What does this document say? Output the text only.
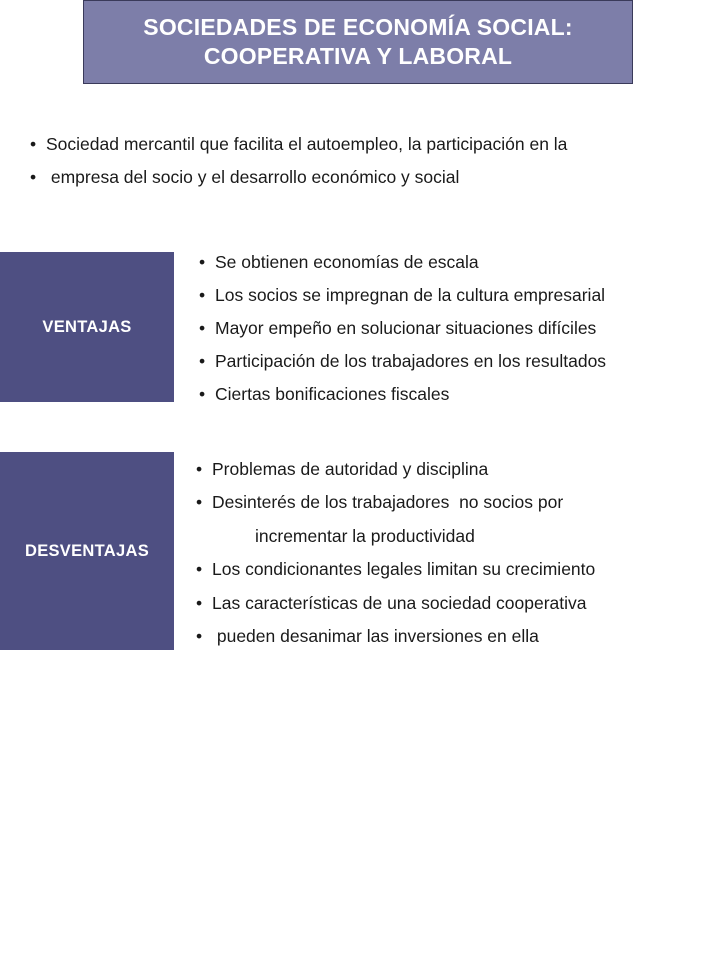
SOCIEDADES DE ECONOMÍA SOCIAL:
COOPERATIVA Y LABORAL
• Sociedad mercantil que facilita el autoempleo, la participación en la
• empresa del socio y el desarrollo económico y social
VENTAJAS
• Se obtienen economías de escala
• Los socios se impregnan de la cultura empresarial
• Mayor empeño en solucionar situaciones difíciles
• Participación de los trabajadores en los resultados
• Ciertas bonificaciones fiscales
DESVENTAJAS
• Problemas de autoridad y disciplina
• Desinterés de los trabajadores  no socios por
incrementar la productividad
• Los condicionantes legales limitan su crecimiento
• Las características de una sociedad cooperativa
• pueden desanimar las inversiones en ella
